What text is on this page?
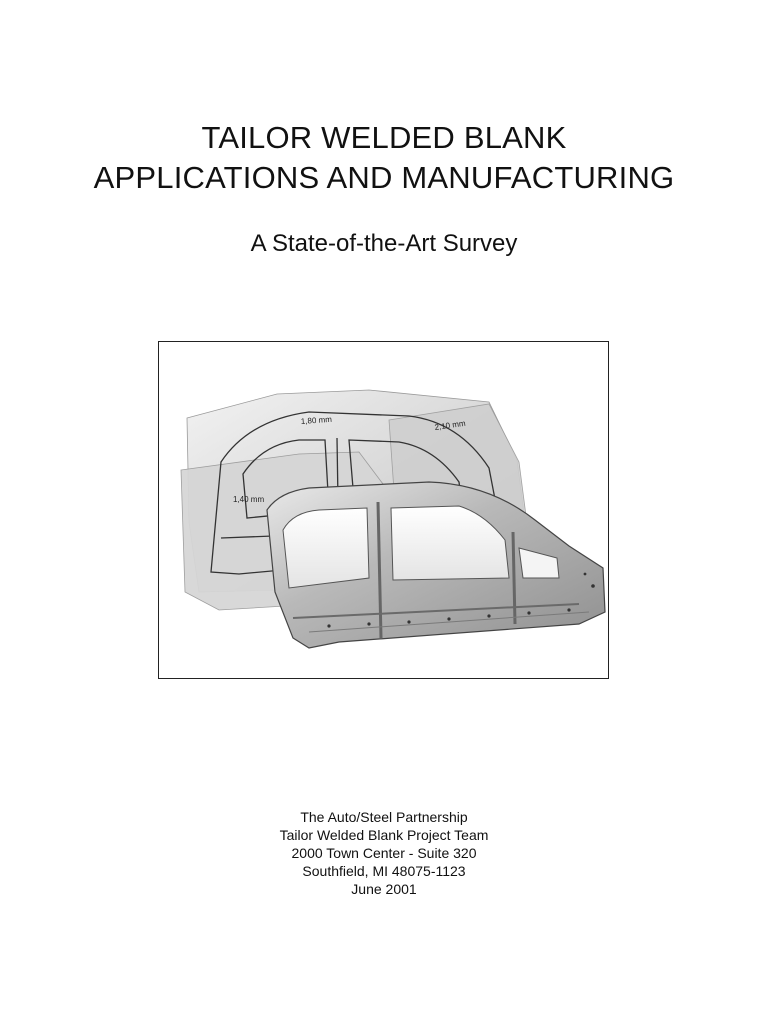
TAILOR WELDED BLANK
APPLICATIONS AND MANUFACTURING
A State-of-the-Art Survey
1,80 mm	2,10 mm
1,40 mm
The Auto/Steel Partnership
Tailor Welded Blank Project Team
2000 Town Center - Suite 320
Southfield, MI 48075-1123
June 2001
